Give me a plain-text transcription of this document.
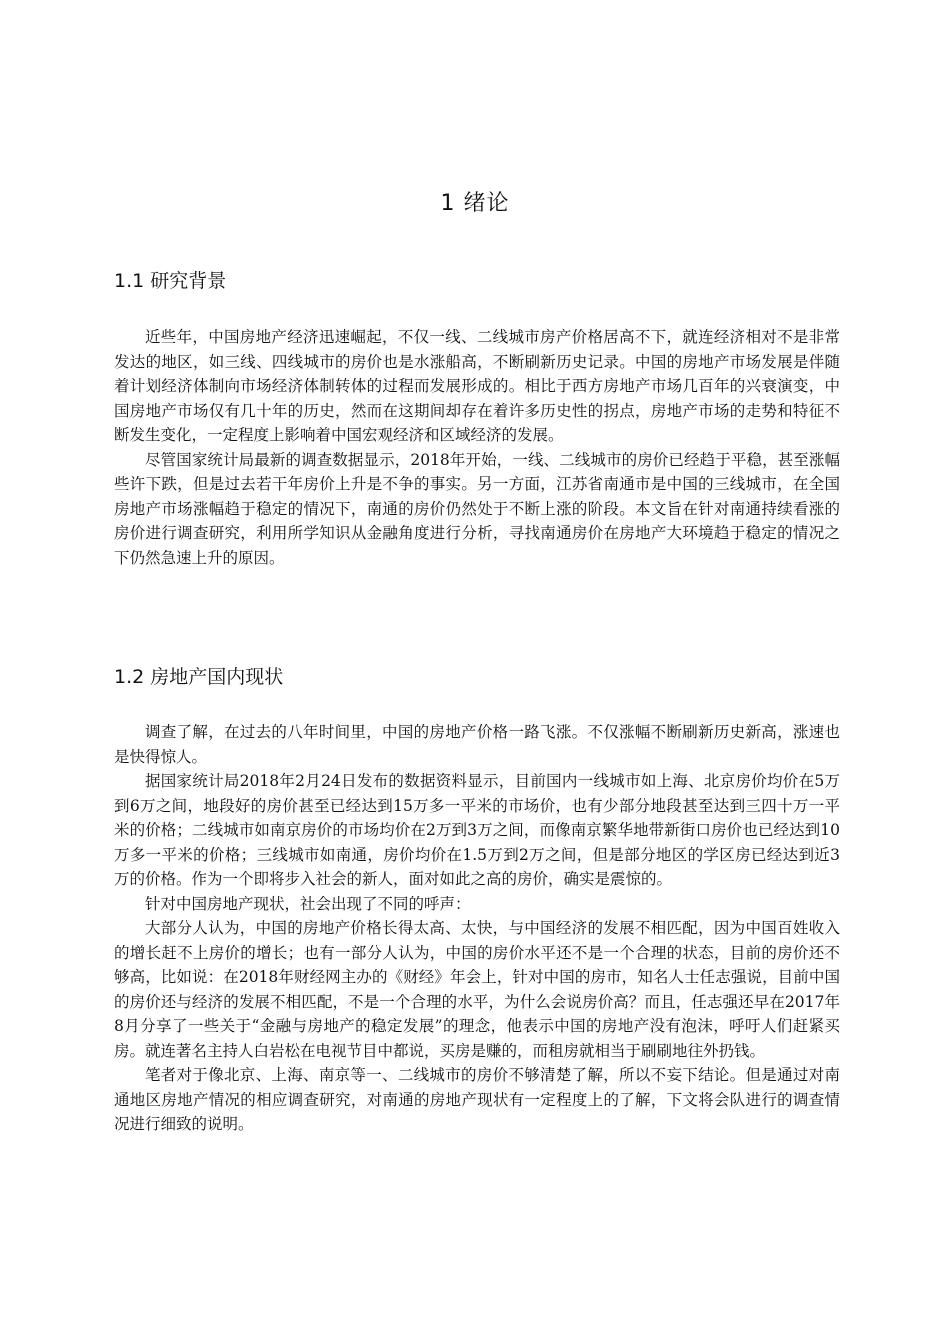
1 绪论
1.1 研究背景

近些年，中国房地产经济迅速崛起，不仅一线、二线城市房产价格居高不下，就连经济相对不是非常发达的地区，如三线、四线城市的房价也是水涨船高，不断刷新历史记录。中国的房地产市场发展是伴随着计划经济体制向市场经济体制转体的过程而发展形成的。相比于西方房地产市场几百年的兴衰演变，中国房地产市场仅有几十年的历史，然而在这期间却存在着许多历史性的拐点，房地产市场的走势和特征不断发生变化，一定程度上影响着中国宏观经济和区域经济的发展。

尽管国家统计局最新的调查数据显示，2018年开始，一线、二线城市的房价已经趋于平稳，甚至涨幅些许下跌，但是过去若干年房价上升是不争的事实。另一方面，江苏省南通市是中国的三线城市，在全国房地产市场涨幅趋于稳定的情况下，南通的房价仍然处于不断上涨的阶段。本文旨在针对南通持续看涨的房价进行调查研究，利用所学知识从金融角度进行分析，寻找南通房价在房地产大环境趋于稳定的情况之下仍然急速上升的原因。

1.2 房地产国内现状

调查了解，在过去的八年时间里，中国的房地产价格一路飞涨。不仅涨幅不断刷新历史新高，涨速也是快得惊人。

据国家统计局2018年2月24日发布的数据资料显示，目前国内一线城市如上海、北京房价均价在5万到6万之间，地段好的房价甚至已经达到15万多一平米的市场价，也有少部分地段甚至达到三四十万一平米的价格；二线城市如南京房价的市场均价在2万到3万之间，而像南京繁华地带新街口房价也已经达到10万多一平米的价格；三线城市如南通，房价均价在1.5万到2万之间，但是部分地区的学区房已经达到近3万的价格。作为一个即将步入社会的新人，面对如此之高的房价，确实是震惊的。

针对中国房地产现状，社会出现了不同的呼声：

大部分人认为，中国的房地产价格长得太高、太快，与中国经济的发展不相匹配，因为中国百姓收入的增长赶不上房价的增长；也有一部分人认为，中国的房价水平还不是一个合理的状态，目前的房价还不够高，比如说：在2018年财经网主办的《财经》年会上，针对中国的房市，知名人士任志强说，目前中国的房价还与经济的发展不相匹配，不是一个合理的水平，为什么会说房价高？而且，任志强还早在2017年8月分享了一些关于“金融与房地产的稳定发展”的理念，他表示中国的房地产没有泡沫，呼吁人们赶紧买房。就连著名主持人白岩松在电视节目中都说，买房是赚的，而租房就相当于刷刷地往外扔钱。

笔者对于像北京、上海、南京等一、二线城市的房价不够清楚了解，所以不妄下结论。但是通过对南通地区房地产情况的相应调查研究，对南通的房地产现状有一定程度上的了解，下文将会队进行的调查情况进行细致的说明。
